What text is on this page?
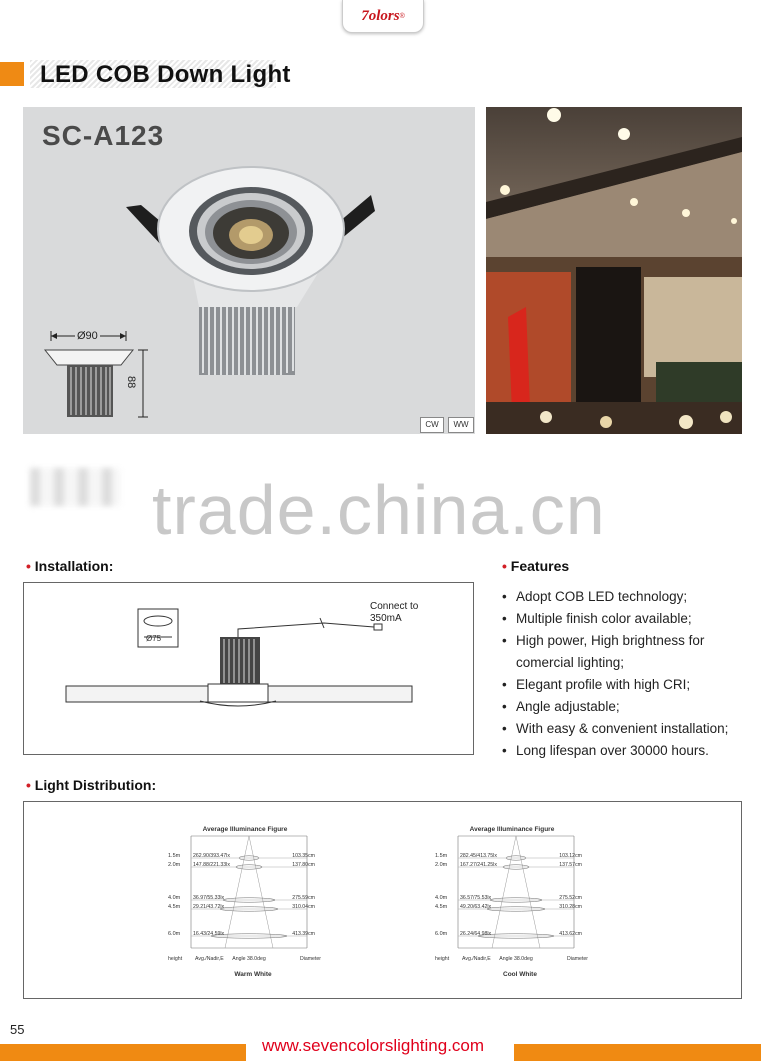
7olors ®
LED COB Down Light
SC-A123
Ø90
88
CW	WW
trade.china.cn
• Installation:
Ø75
Connect to
350mA
• Features
• Adopt COB LED technology;
• Multiple finish color available;
• High power, High brightness for
comercial lighting;
• Elegant profile with high CRI;
• Angle adjustable;
• With easy & convenient installation;
• Long lifespan over 30000 hours.
• Light Distribution:
Average Illuminance Figure
1.5m 262.90/393.47lx	103.35cm
2.0m 147.88/221.33lx	137.80cm
4.0m 36.97/55.33lx	275.59cm
4.5m 29.21/43.72lx	310.04cm
6.0m 16.43/24.59lx	413.39cm
height Avg./Nadir,E Angle 38.0deg	Diameter
Warm White
Average Illuminance Figure
1.5m 282.45/413.75lx	103.12cm
2.0m 167.27/241.25lx	137.57cm
4.0m 36.57/75.53lx	275.52cm
4.5m 49.20/63.42lx	310.28cm
6.0m 26.24/64.98lx	413.62cm
height Avg./Nadir,E Angle 38.0deg	Diameter
Cool White
55
www.sevencolorslighting.com
